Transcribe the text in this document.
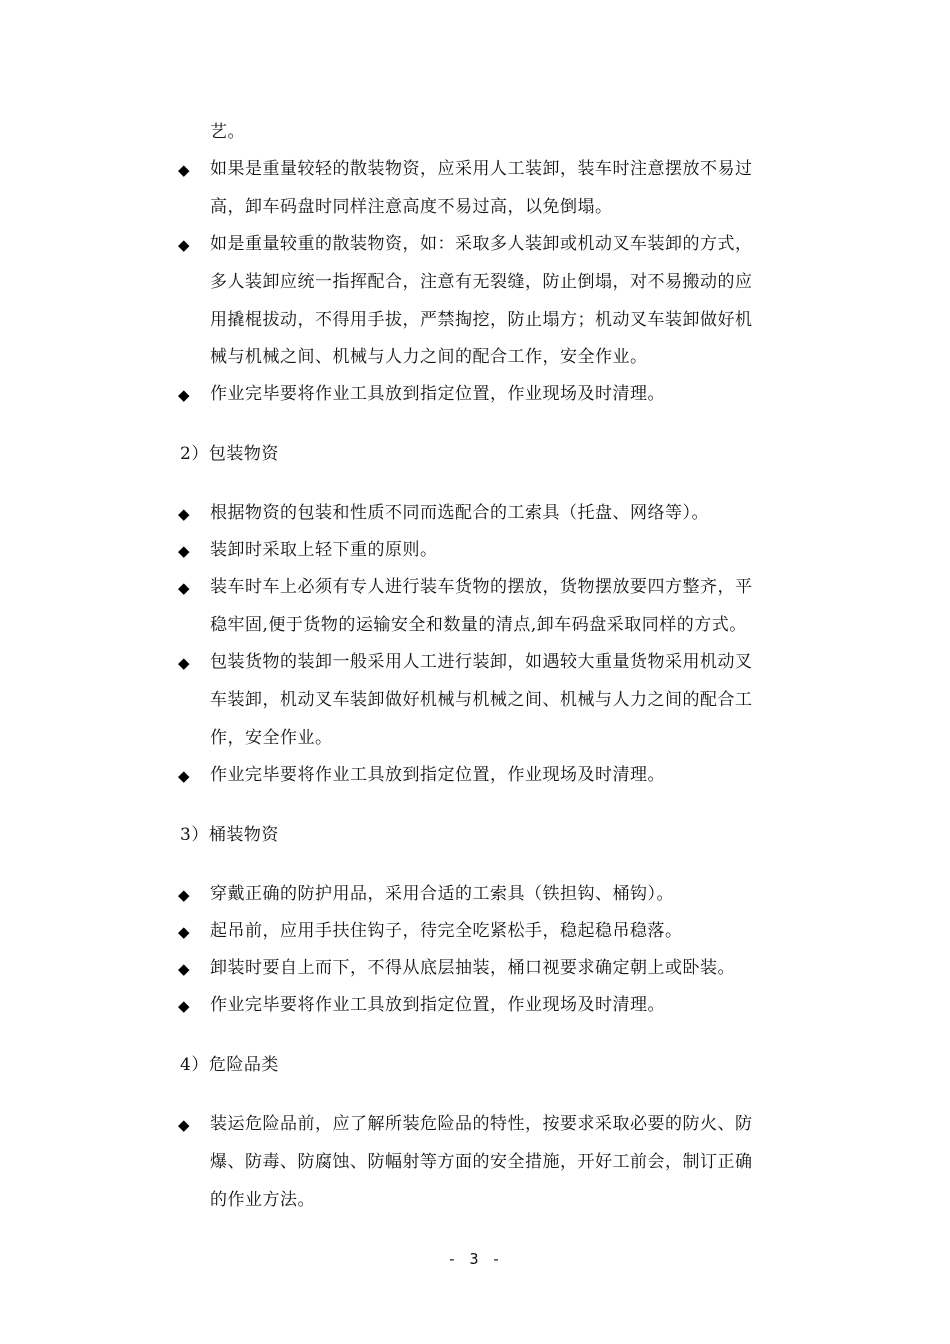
艺。
◆ 如果是重量较轻的散装物资，应采用人工装卸，装车时注意摆放不易过
高，卸车码盘时同样注意高度不易过高，以免倒塌。
◆ 如是重量较重的散装物资，如：采取多人装卸或机动叉车装卸的方式，
多人装卸应统一指挥配合，注意有无裂缝，防止倒塌，对不易搬动的应
用撬棍拔动，不得用手拔，严禁掏挖，防止塌方；机动叉车装卸做好机
械与机械之间、机械与人力之间的配合工作，安全作业。
◆ 作业完毕要将作业工具放到指定位置，作业现场及时清理。
2）包装物资
◆ 根据物资的包装和性质不同而选配合的工索具（托盘、网络等）。
◆ 装卸时采取上轻下重的原则。
◆ 装车时车上必须有专人进行装车货物的摆放，货物摆放要四方整齐，平
稳牢固,便于货物的运输安全和数量的清点,卸车码盘采取同样的方式。
◆ 包装货物的装卸一般采用人工进行装卸，如遇较大重量货物采用机动叉
车装卸，机动叉车装卸做好机械与机械之间、机械与人力之间的配合工
作，安全作业。
◆ 作业完毕要将作业工具放到指定位置，作业现场及时清理。
3）桶装物资
◆ 穿戴正确的防护用品，采用合适的工索具（铁担钩、桶钩）。
◆ 起吊前，应用手扶住钩子，待完全吃紧松手，稳起稳吊稳落。
◆ 卸装时要自上而下，不得从底层抽装，桶口视要求确定朝上或卧装。
◆ 作业完毕要将作业工具放到指定位置，作业现场及时清理。
4）危险品类
◆ 装运危险品前，应了解所装危险品的特性，按要求采取必要的防火、防
爆、防毒、防腐蚀、防幅射等方面的安全措施，开好工前会，制订正确
的作业方法。
- 3 -
